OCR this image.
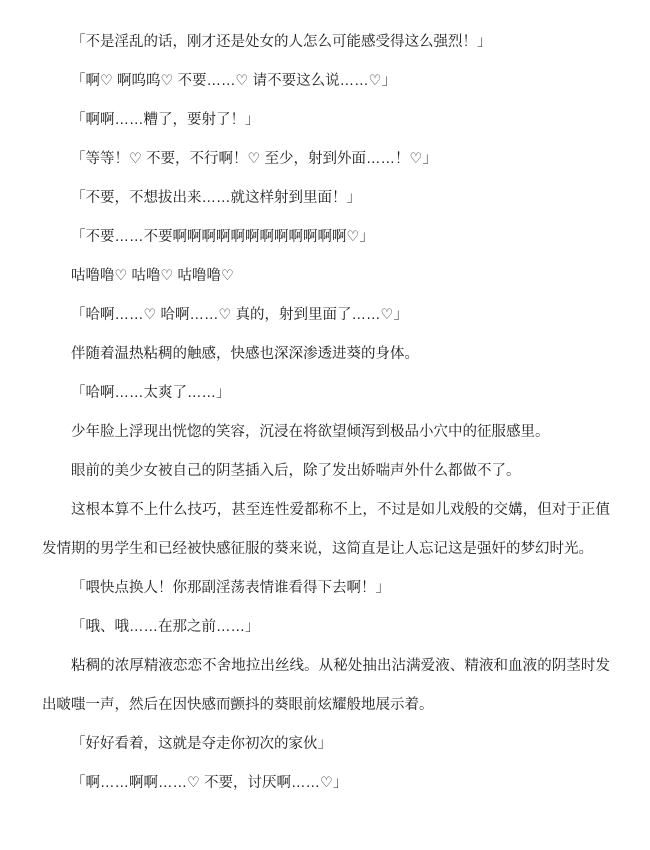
「不是淫乱的话，刚才还是处女的人怎么可能感受得这么强烈！」

「啊♡ 啊呜呜♡ 不要……♡ 请不要这么说……♡」

「啊啊……糟了，要射了！」

「等等！♡ 不要，不行啊！♡ 至少，射到外面……！♡」

「不要，不想拔出来……就这样射到里面！」

「不要……不要啊啊啊啊啊啊啊啊啊啊啊啊♡」

咕噜噜♡ 咕噜♡ 咕噜噜♡

「哈啊……♡ 哈啊……♡ 真的，射到里面了……♡」

伴随着温热粘稠的触感，快感也深深渗透进葵的身体。

「哈啊……太爽了……」

少年脸上浮现出恍惚的笑容，沉浸在将欲望倾泻到极品小穴中的征服感里。

眼前的美少女被自己的阴茎插入后，除了发出娇喘声外什么都做不了。

这根本算不上什么技巧，甚至连性爱都称不上，不过是如儿戏般的交媾，但对于正值发情期的男学生和已经被快感征服的葵来说，这简直是让人忘记这是强奸的梦幻时光。

「喂快点换人！你那副淫荡表情谁看得下去啊！」

「哦、哦……在那之前……」

粘稠的浓厚精液恋恋不舍地拉出丝线。从秘处抽出沾满爱液、精液和血液的阴茎时发出啵嗤一声，然后在因快感而颤抖的葵眼前炫耀般地展示着。

「好好看着，这就是夺走你初次的家伙」

「啊……啊啊……♡ 不要，讨厌啊……♡」
